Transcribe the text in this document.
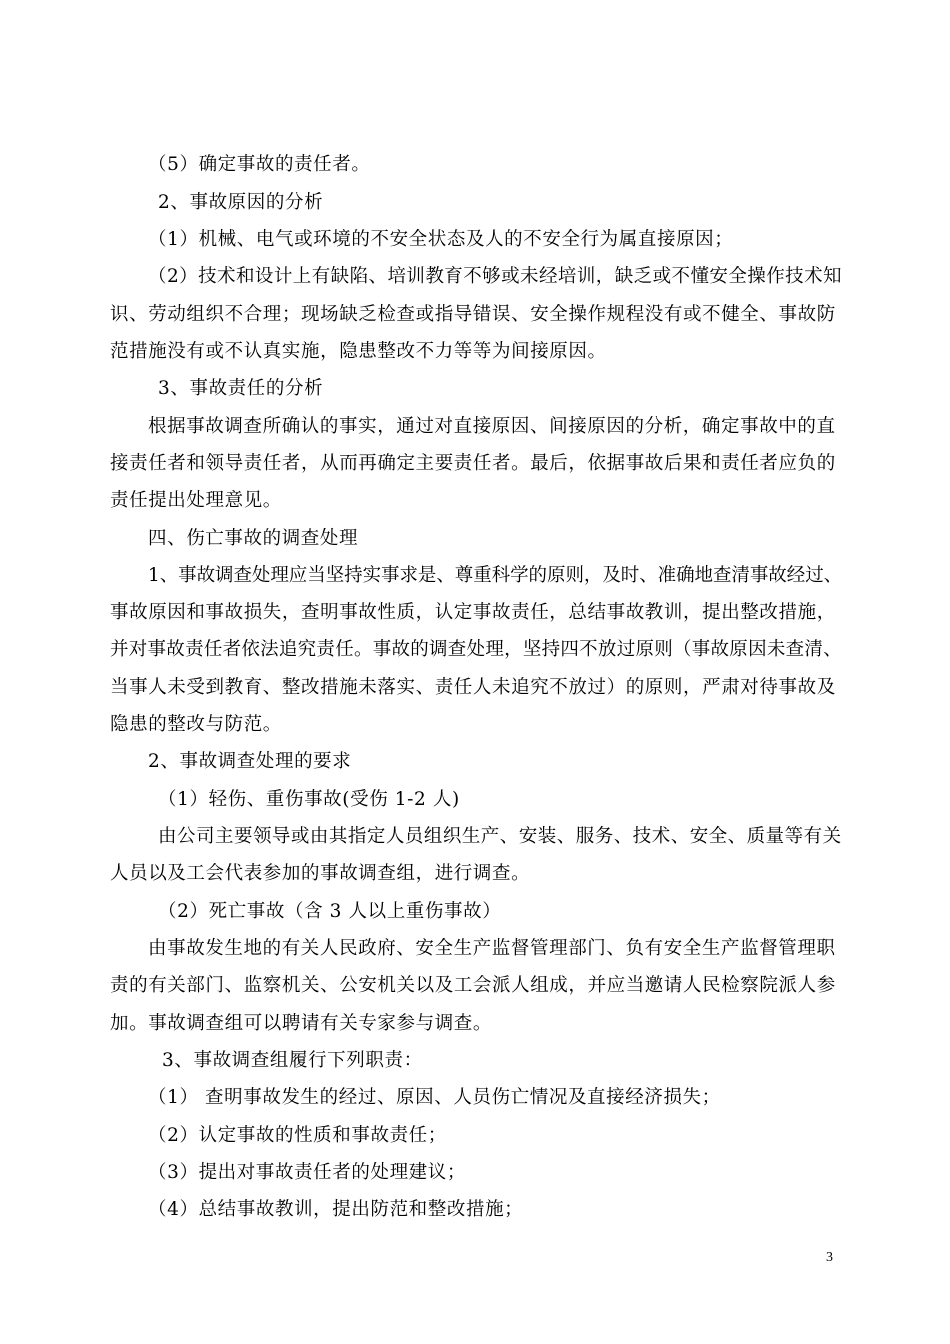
（5）确定事故的责任者。
2、事故原因的分析
（1）机械、电气或环境的不安全状态及人的不安全行为属直接原因；
（2）技术和设计上有缺陷、培训教育不够或未经培训，缺乏或不懂安全操作技术知
识、劳动组织不合理；现场缺乏检查或指导错误、安全操作规程没有或不健全、事故防
范措施没有或不认真实施，隐患整改不力等等为间接原因。
3、事故责任的分析
根据事故调查所确认的事实，通过对直接原因、间接原因的分析，确定事故中的直
接责任者和领导责任者，从而再确定主要责任者。最后，依据事故后果和责任者应负的
责任提出处理意见。
四、伤亡事故的调查处理
1、事故调查处理应当坚持实事求是、尊重科学的原则，及时、准确地查清事故经过、
事故原因和事故损失，查明事故性质，认定事故责任，总结事故教训，提出整改措施，
并对事故责任者依法追究责任。事故的调查处理，坚持四不放过原则（事故原因未查清、
当事人未受到教育、整改措施未落实、责任人未追究不放过）的原则，严肃对待事故及
隐患的整改与防范。
2、事故调查处理的要求
（1）轻伤、重伤事故(受伤 1-2 人)
由公司主要领导或由其指定人员组织生产、安装、服务、技术、安全、质量等有关
人员以及工会代表参加的事故调查组，进行调查。
（2）死亡事故（含 3 人以上重伤事故）
由事故发生地的有关人民政府、安全生产监督管理部门、负有安全生产监督管理职
责的有关部门、监察机关、公安机关以及工会派人组成，并应当邀请人民检察院派人参
加。事故调查组可以聘请有关专家参与调查。
3、事故调查组履行下列职责：
（1） 查明事故发生的经过、原因、人员伤亡情况及直接经济损失；
（2）认定事故的性质和事故责任；
（3）提出对事故责任者的处理建议；
（4）总结事故教训，提出防范和整改措施；
3
